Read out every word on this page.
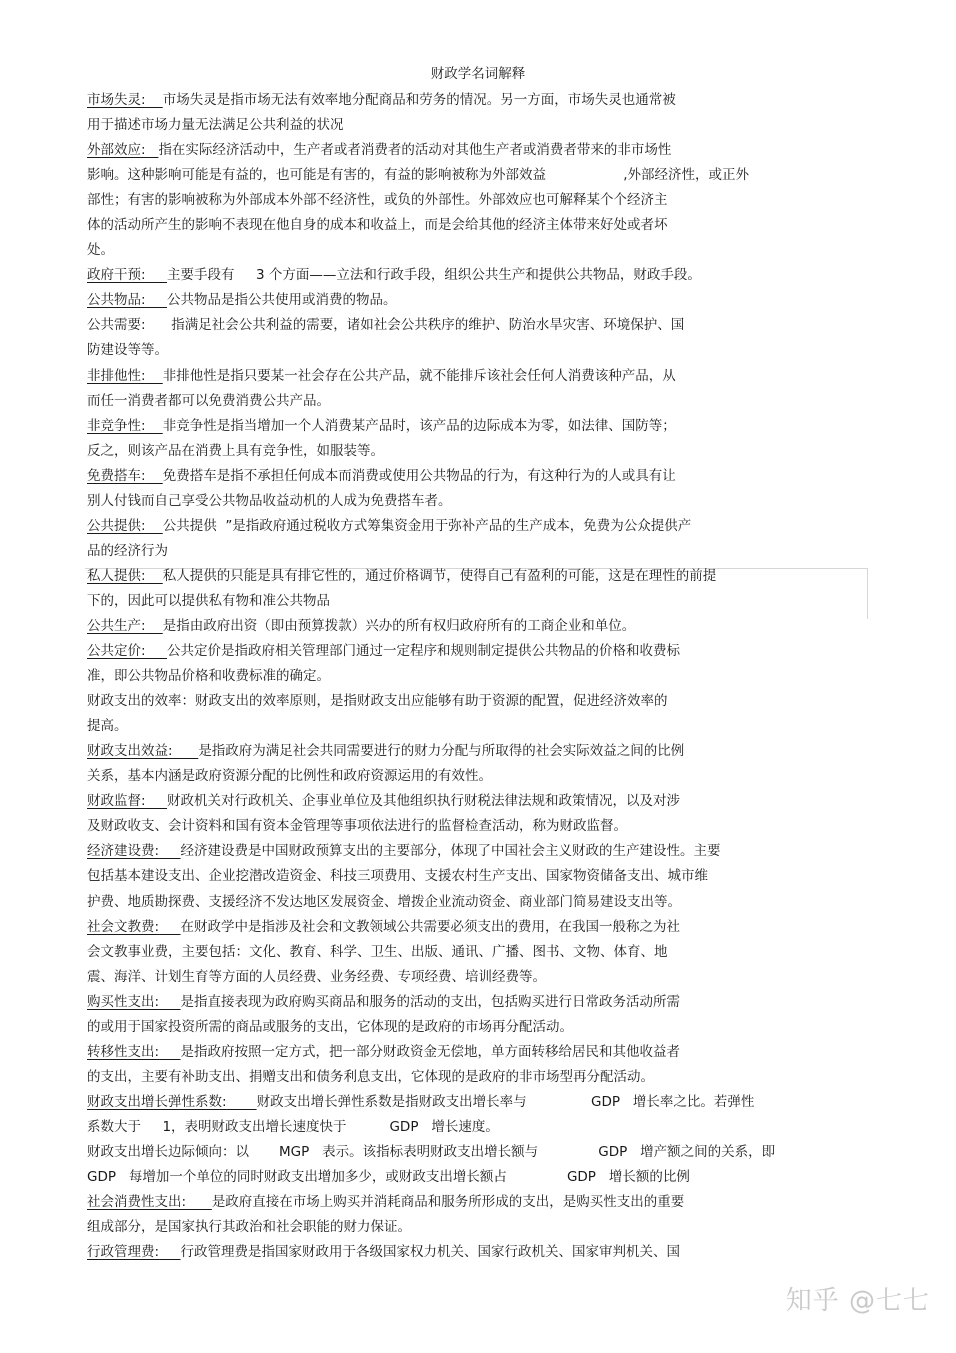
财政学名词解释
市场失灵: 市场失灵是指市场无法有效率地分配商品和劳务的情况。另一方面，市场失灵也通常被
用于描述市场力量无法满足公共利益的状况
外部效应: 指在实际经济活动中，生产者或者消费者的活动对其他生产者或消费者带来的非市场性
影响。这种影响可能是有益的，也可能是有害的，有益的影响被称为外部效益                  ,外部经济性，或正外
部性；有害的影响被称为外部成本外部不经济性，或负的外部性。外部效应也可解释某个个经济主
体的活动所产生的影响不表现在他自身的成本和收益上，而是会给其他的经济主体带来好处或者坏
处。
政府干预: 主要手段有     3 个方面——立法和行政手段，组织公共生产和提供公共物品，财政手段。
公共物品: 公共物品是指公共使用或消费的物品。
公共需要:      指满足社会公共利益的需要，诸如社会公共秩序的维护、防治水旱灾害、环境保护、国
防建设等等。
非排他性: 非排他性是指只要某一社会存在公共产品，就不能排斥该社会任何人消费该种产品，从
而任一消费者都可以免费消费公共产品。
非竞争性: 非竞争性是指当增加一个人消费某产品时，该产品的边际成本为零，如法律、国防等；
反之，则该产品在消费上具有竞争性，如服装等。
免费搭车: 免费搭车是指不承担任何成本而消费或使用公共物品的行为，有这种行为的人或具有让
别人付钱而自己享受公共物品收益动机的人成为免费搭车者。
公共提供: 公共提供  ”是指政府通过税收方式筹集资金用于弥补产品的生产成本，免费为公众提供产
品的经济行为
私人提供: 私人提供的只能是具有排它性的，通过价格调节，使得自己有盈利的可能，这是在理性的前提
下的，因此可以提供私有物和准公共物品
公共生产: 是指由政府出资（即由预算拨款）兴办的所有权归政府所有的工商企业和单位。
公共定价: 公共定价是指政府相关管理部门通过一定程序和规则制定提供公共物品的价格和收费标
准，即公共物品价格和收费标准的确定。
财政支出的效率：财政支出的效率原则，是指财政支出应能够有助于资源的配置，促进经济效率的
提高。
财政支出效益: 是指政府为满足社会共同需要进行的财力分配与所取得的社会实际效益之间的比例
关系，基本内涵是政府资源分配的比例性和政府资源运用的有效性。
财政监督: 财政机关对行政机关、企事业单位及其他组织执行财税法律法规和政策情况，以及对涉
及财政收支、会计资料和国有资本金管理等事项依法进行的监督检查活动，称为财政监督。
经济建设费: 经济建设费是中国财政预算支出的主要部分，体现了中国社会主义财政的生产建设性。主要
包括基本建设支出、企业挖潜改造资金、科技三项费用、支援农村生产支出、国家物资储备支出、城市维
护费、地质勘探费、支援经济不发达地区发展资金、增拨企业流动资金、商业部门简易建设支出等。
社会文教费: 在财政学中是指涉及社会和文教领域公共需要必须支出的费用，在我国一般称之为社
会文教事业费，主要包括：文化、教育、科学、卫生、出版、通讯、广播、图书、文物、体育、地
震、海洋、计划生育等方面的人员经费、业务经费、专项经费、培训经费等。
购买性支出: 是指直接表现为政府购买商品和服务的活动的支出，包括购买进行日常政务活动所需
的或用于国家投资所需的商品或服务的支出，它体现的是政府的市场再分配活动。
转移性支出: 是指政府按照一定方式，把一部分财政资金无偿地，单方面转移给居民和其他收益者
的支出，主要有补助支出、捐赠支出和债务利息支出，它体现的是政府的非市场型再分配活动。
财政支出增长弹性系数: 财政支出增长弹性系数是指财政支出增长率与               GDP   增长率之比。若弹性
系数大于     1，表明财政支出增长速度快于          GDP   增长速度。
财政支出增长边际倾向：以       MGP   表示。该指标表明财政支出增长额与              GDP   增产额之间的关系，即
GDP   每增加一个单位的同时财政支出增加多少，或财政支出增长额占              GDP   增长额的比例
社会消费性支出: 是政府直接在市场上购买并消耗商品和服务所形成的支出，是购买性支出的重要
组成部分，是国家执行其政治和社会职能的财力保证。
行政管理费: 行政管理费是指国家财政用于各级国家权力机关、国家行政机关、国家审判机关、国
知乎 @七七
